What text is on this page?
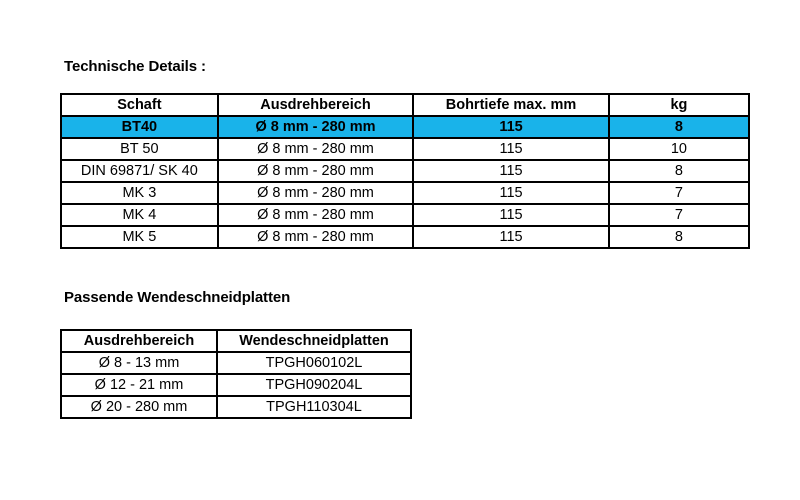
Technische Details :
Schaft	Ausdrehbereich	Bohrtiefe max. mm	kg
BT40	Ø 8 mm - 280 mm	115	8
BT 50	Ø 8 mm - 280 mm	115	10
DIN 69871/ SK 40	Ø 8 mm - 280 mm	115	8
MK 3	Ø 8 mm - 280 mm	115	7
MK 4	Ø 8 mm - 280 mm	115	7
MK 5	Ø 8 mm - 280 mm	115	8
Passende Wendeschneidplatten
Ausdrehbereich	Wendeschneidplatten
Ø 8 - 13 mm	TPGH060102L
Ø 12 - 21 mm	TPGH090204L
Ø 20 - 280 mm	TPGH110304L
